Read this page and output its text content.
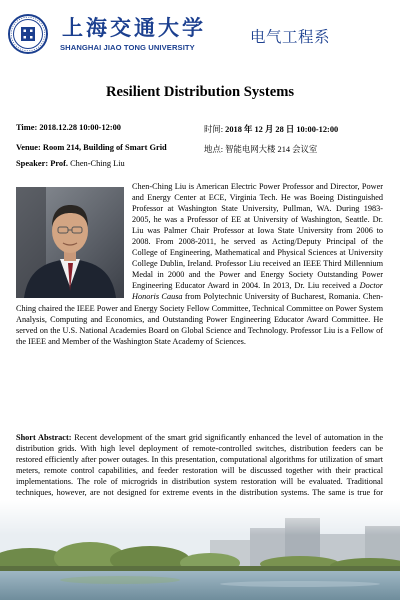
上海交通大学
SHANGHAI JIAO TONG UNIVERSITY
电气工程系
Resilient Distribution Systems
Time: 2018.12.28 10:00-12:00	时间: 2018 年 12 月 28 日 10:00-12:00
Venue: Room 214, Building of Smart Grid	地点: 智能电网大楼 214 会议室
Speaker: Prof. Chen-Ching Liu
Chen-Ching Liu is American Electric Power Professor and Director, Power and Energy Center at ECE, Virginia Tech. He was Boeing Distinguished Professor at Washington State University, Pullman, WA. During 1983-2005, he was a Professor of EE at University of Washington, Seattle. Dr. Liu was Palmer Chair Professor at Iowa State University from 2006 to 2008. From 2008-2011, he served as Acting/Deputy Principal of the College of Engineering, Mathematical and Physical Sciences at University College Dublin, Ireland. Professor Liu received an IEEE Third Millennium Medal in 2000 and the Power and Energy Society Outstanding Power Engineering Educator Award in 2004. In 2013, Dr. Liu received a Doctor Honoris Causa from Polytechnic University of Bucharest, Romania. Chen-Ching chaired the IEEE Power and Energy Society Fellow Committee, Technical Committee on Power System Analysis, Computing and Economics, and Outstanding Power Engineering Educator Award Committee. He served on the U.S. National Academies Board on Global Science and Technology. Professor Liu is a Fellow of the IEEE and Member of the Washington State Academy of Sciences.
Short Abstract: Recent development of the smart grid significantly enhanced the level of automation in the distribution grids. With high level deployment of remote-controlled switches, distribution feeders can be restored efficiently after power outages. In this presentation, computational algorithms for utilization of smart meters, remote control capabilities, and feeder restoration will be discussed together with their practical implementations. The role of microgrids in distribution system restoration will be evaluated. Traditional techniques, however, are not designed for extreme events in the distribution systems. The same is true for
